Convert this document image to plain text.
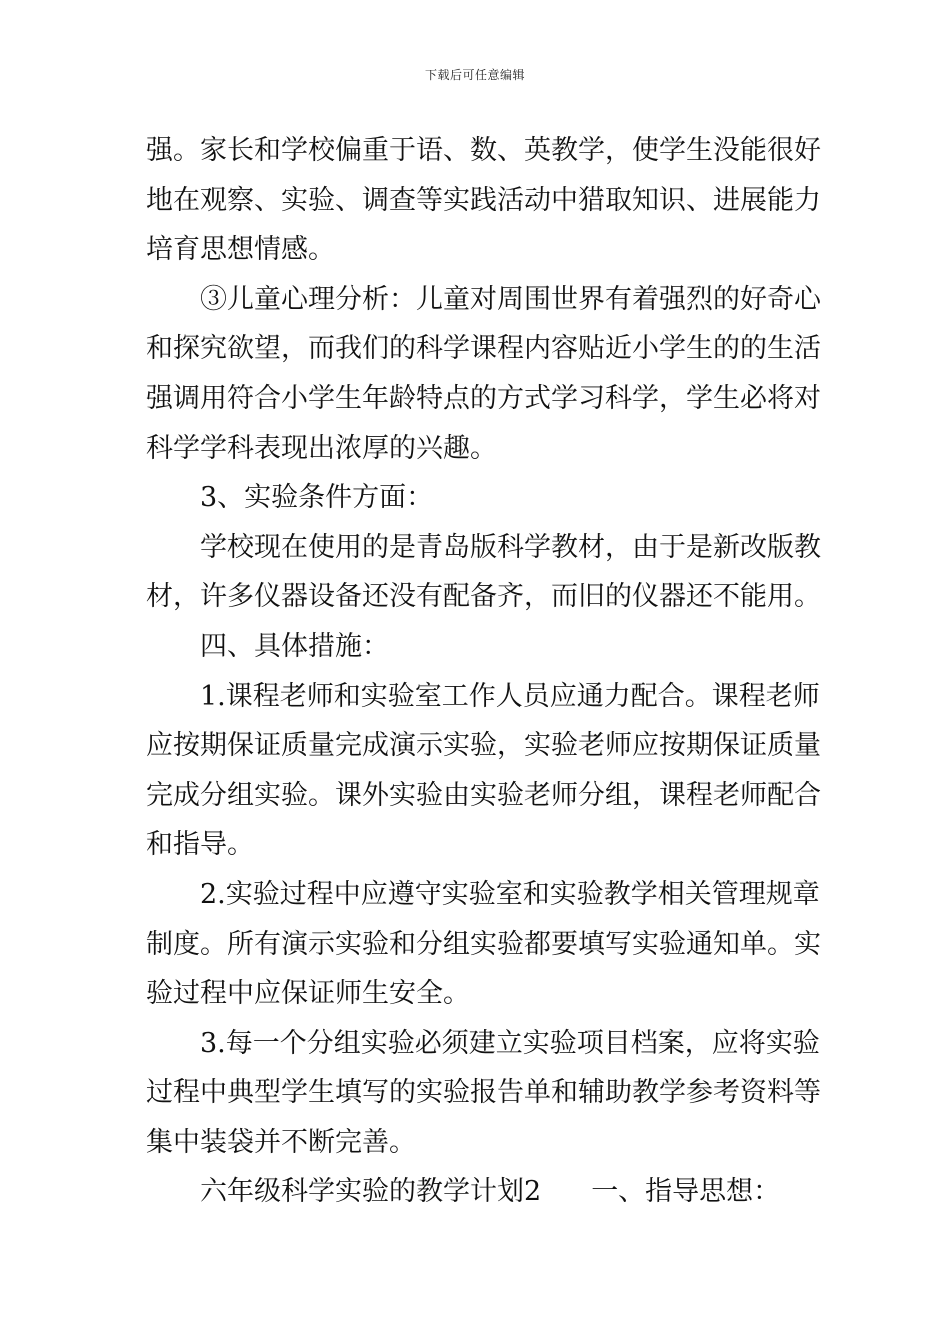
下载后可任意编辑
强。家长和学校偏重于语、数、英教学，使学生没能很好
地在观察、实验、调查等实践活动中猎取知识、进展能力
培育思想情感。
③儿童心理分析：儿童对周围世界有着强烈的好奇心
和探究欲望，而我们的科学课程内容贴近小学生的的生活
强调用符合小学生年龄特点的方式学习科学，学生必将对
科学学科表现出浓厚的兴趣。
3、实验条件方面：
学校现在使用的是青岛版科学教材，由于是新改版教
材，许多仪器设备还没有配备齐，而旧的仪器还不能用。
四、具体措施：
1.课程老师和实验室工作人员应通力配合。课程老师
应按期保证质量完成演示实验，实验老师应按期保证质量
完成分组实验。课外实验由实验老师分组，课程老师配合
和指导。
2.实验过程中应遵守实验室和实验教学相关管理规章
制度。所有演示实验和分组实验都要填写实验通知单。实
验过程中应保证师生安全。
3.每一个分组实验必须建立实验项目档案，应将实验
过程中典型学生填写的实验报告单和辅助教学参考资料等
集中装袋并不断完善。
六年级科学实验的教学计划2 一、指导思想：
